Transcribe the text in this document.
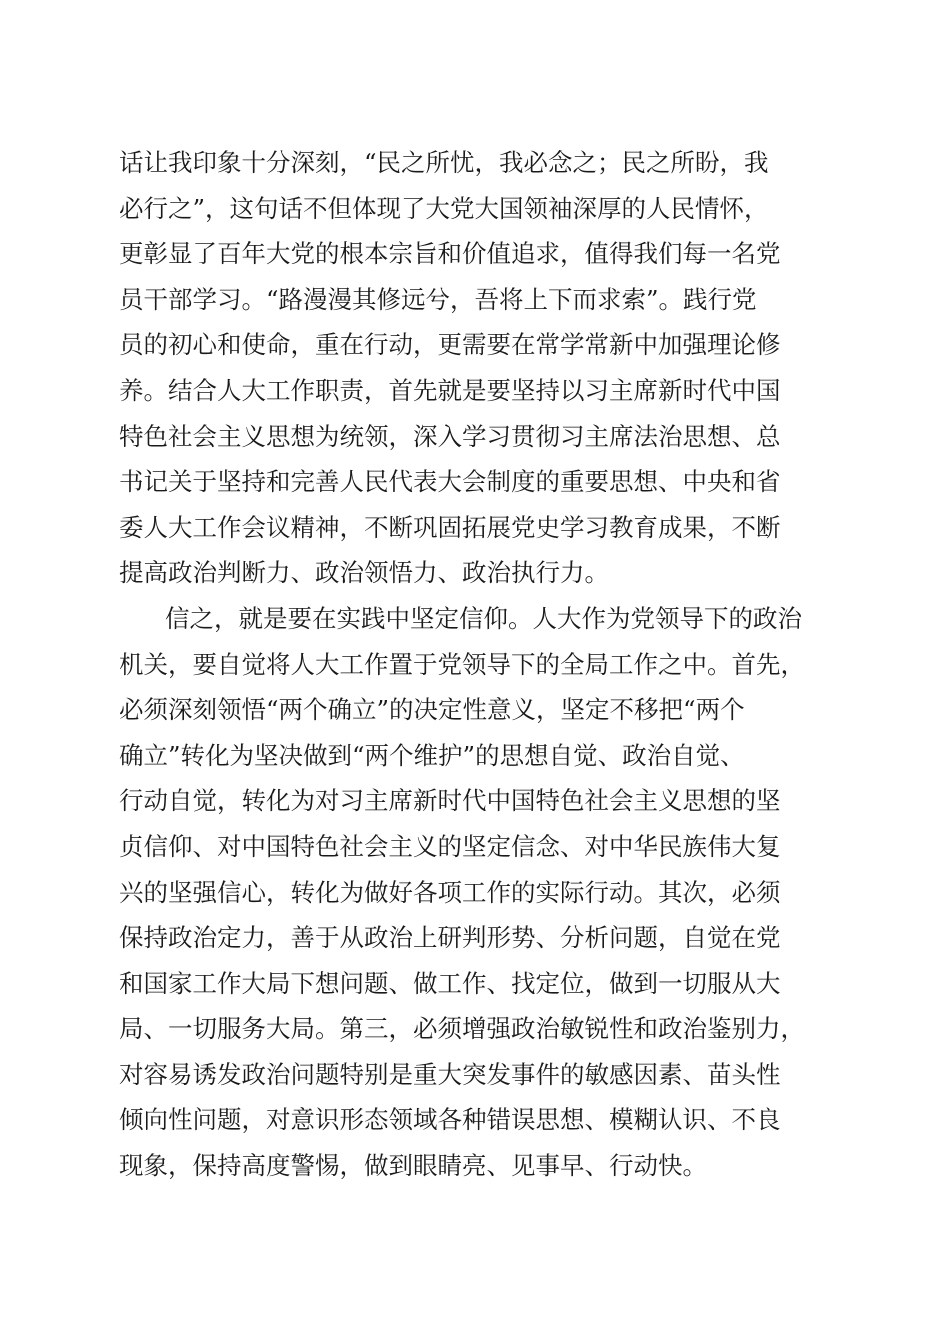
话让我印象十分深刻，“民之所忧，我必念之；民之所盼，我
必行之”，这句话不但体现了大党大国领袖深厚的人民情怀，
更彰显了百年大党的根本宗旨和价值追求，值得我们每一名党
员干部学习。“路漫漫其修远兮，吾将上下而求索”。践行党
员的初心和使命，重在行动，更需要在常学常新中加强理论修
养。结合人大工作职责，首先就是要坚持以习主席新时代中国
特色社会主义思想为统领，深入学习贯彻习主席法治思想、总
书记关于坚持和完善人民代表大会制度的重要思想、中央和省
委人大工作会议精神，不断巩固拓展党史学习教育成果，不断
提高政治判断力、政治领悟力、政治执行力。
信之，就是要在实践中坚定信仰。人大作为党领导下的政治
机关，要自觉将人大工作置于党领导下的全局工作之中。首先，
必须深刻领悟“两个确立”的决定性意义，坚定不移把“两个
确立”转化为坚决做到“两个维护”的思想自觉、政治自觉、
行动自觉，转化为对习主席新时代中国特色社会主义思想的坚
贞信仰、对中国特色社会主义的坚定信念、对中华民族伟大复
兴的坚强信心，转化为做好各项工作的实际行动。其次，必须
保持政治定力，善于从政治上研判形势、分析问题，自觉在党
和国家工作大局下想问题、做工作、找定位，做到一切服从大
局、一切服务大局。第三，必须增强政治敏锐性和政治鉴别力，
对容易诱发政治问题特别是重大突发事件的敏感因素、苗头性
倾向性问题，对意识形态领域各种错误思想、模糊认识、不良
现象，保持高度警惕，做到眼睛亮、见事早、行动快。
